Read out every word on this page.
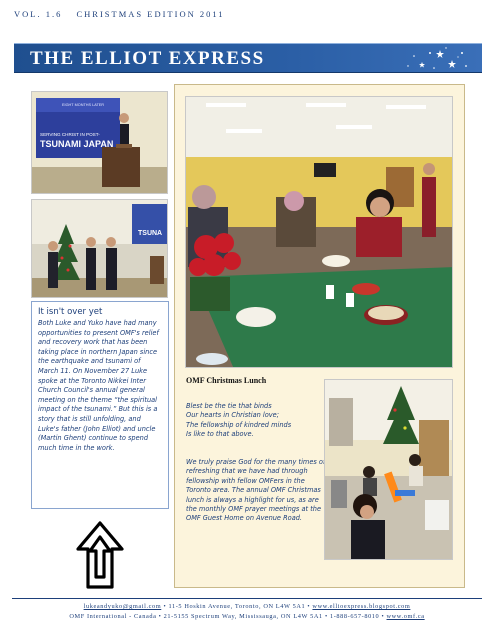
VOL. 1.6 CHRISTMAS EDITION 2011
THE ELLIOT EXPRESS
EIGHT MONTHS LATER
SERVING CHRIST IN POST-
TSUNAMI JAPAN
TSUNA
It isn't over yet
Both Luke and Yuko have had many opportunities to present OMF's relief and recovery work that has been taking place in northern Japan since the earthquake and tsunami of March 11. On November 27 Luke spoke at the Toronto Nikkei Inter Church Council's annual general meeting on the theme “the spiritual impact of the tsunami.” But this is a story that is still unfolding, and Luke's father (John Elliot) and uncle (Martin Ghent) continue to spend much time in the work.
OMF Christmas Lunch
Blest be the tie that binds
Our hearts in Christian love;
The fellowship of kindred minds
Is like to that above.
We truly praise God for the many times of refreshing that we have had through fellowship with fellow OMFers in the Toronto area. The annual OMF Christmas lunch is always a highlight for us, as are the monthly OMF prayer meetings at the OMF Guest Home on Avenue Road.
lukeandyuko@gmail.com • 11-5 Hoskin Avenue, Toronto, ON L4W 5A1 • www.ellioexpress.blogspot.com
OMF International - Canada • 21-5155 Spectrum Way, Mississauga, ON L4W 5A1 • 1-888-657-8010 • www.omf.ca
